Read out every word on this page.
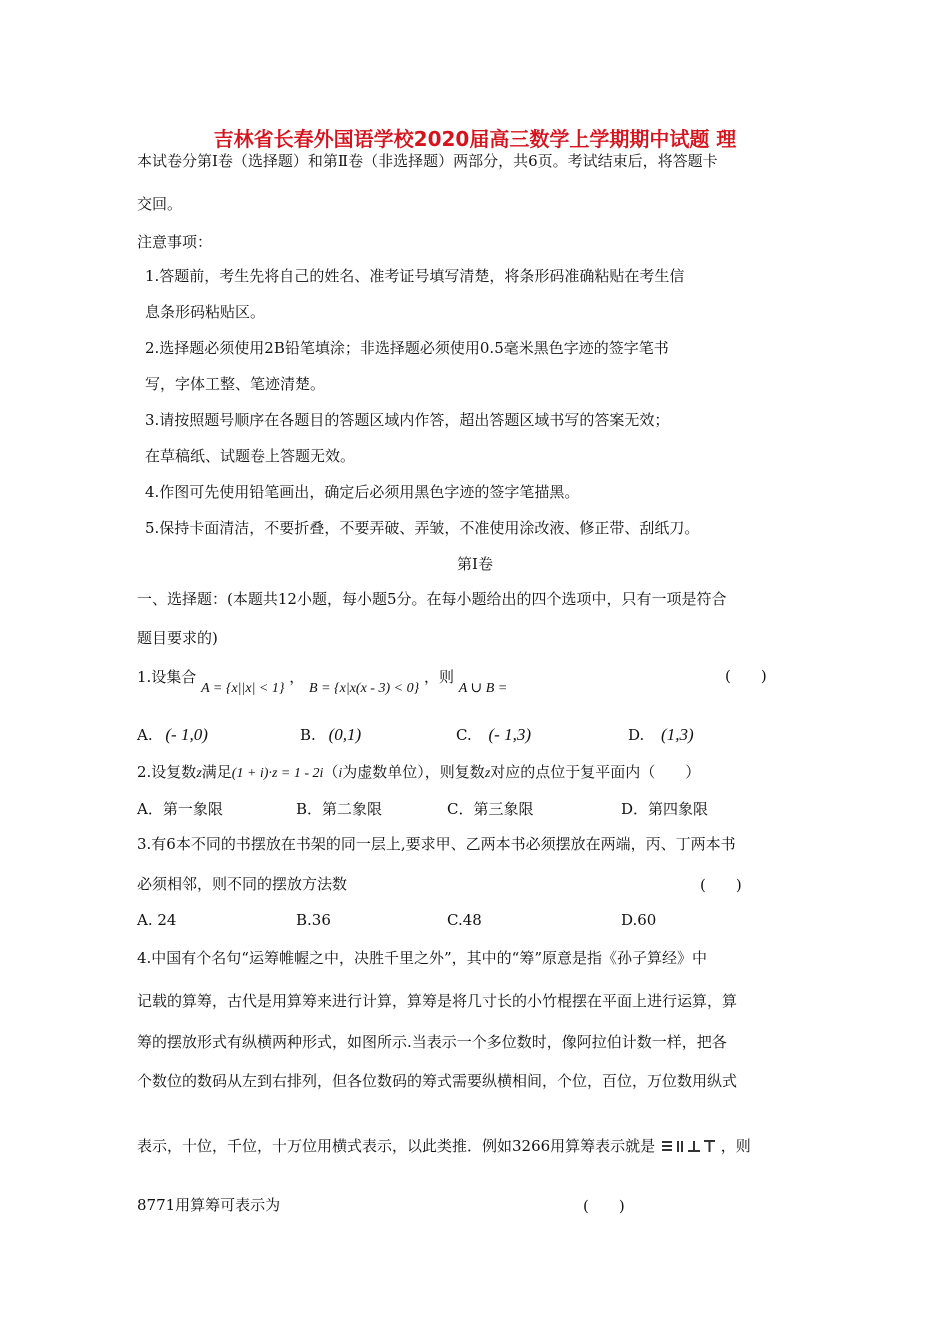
吉林省长春外国语学校2020届高三数学上学期期中试题 理
本试卷分第Ⅰ卷（选择题）和第Ⅱ卷（非选择题）两部分，共6页。考试结束后，将答题卡
交回。
注意事项：
1.答题前，考生先将自己的姓名、准考证号填写清楚，将条形码准确粘贴在考生信
息条形码粘贴区。
2.选择题必须使用2B铅笔填涂；非选择题必须使用0.5毫米黑色字迹的签字笔书
写，字体工整、笔迹清楚。
3.请按照题号顺序在各题目的答题区域内作答，超出答题区域书写的答案无效；
在草稿纸、试题卷上答题无效。
4.作图可先使用铅笔画出，确定后必须用黑色字迹的签字笔描黑。
5.保持卡面清洁，不要折叠，不要弄破、弄皱，不准使用涂改液、修正带、刮纸刀。
第Ⅰ卷
一、选择题：(本题共12小题，每小题5分。在每小题给出的四个选项中，只有一项是符合
题目要求的)
1.设集合 A = {x||x| < 1} ， B = {x|x(x - 3) < 0} ，则 A ∪ B =
(　　)
A. (- 1,0)	B. (0,1)	C. (- 1,3)	D. (1,3)
2.设复数z满足(1 + i)·z = 1 - 2i（i为虚数单位），则复数z对应的点位于复平面内（　　）
A．第一象限	B．第二象限	C．第三象限	D．第四象限
3.有6本不同的书摆放在书架的同一层上,要求甲、乙两本书必须摆放在两端，丙、丁两本书
必须相邻，则不同的摆放方法数	(　　)
A. 24	B.36	C.48	D.60
4.中国有个名句“运筹帷幄之中，决胜千里之外”，其中的“筹”原意是指《孙子算经》中
记载的算筹，古代是用算筹来进行计算，算筹是将几寸长的小竹棍摆在平面上进行运算，算
筹的摆放形式有纵横两种形式，如图所示.当表示一个多位数时，像阿拉伯计数一样，把各
个数位的数码从左到右排列，但各位数码的筹式需要纵横相间，个位，百位，万位数用纵式
表示，十位，千位，十万位用横式表示，以此类推．例如3266用算筹表示就是	，则
8771用算筹可表示为	(　　)
